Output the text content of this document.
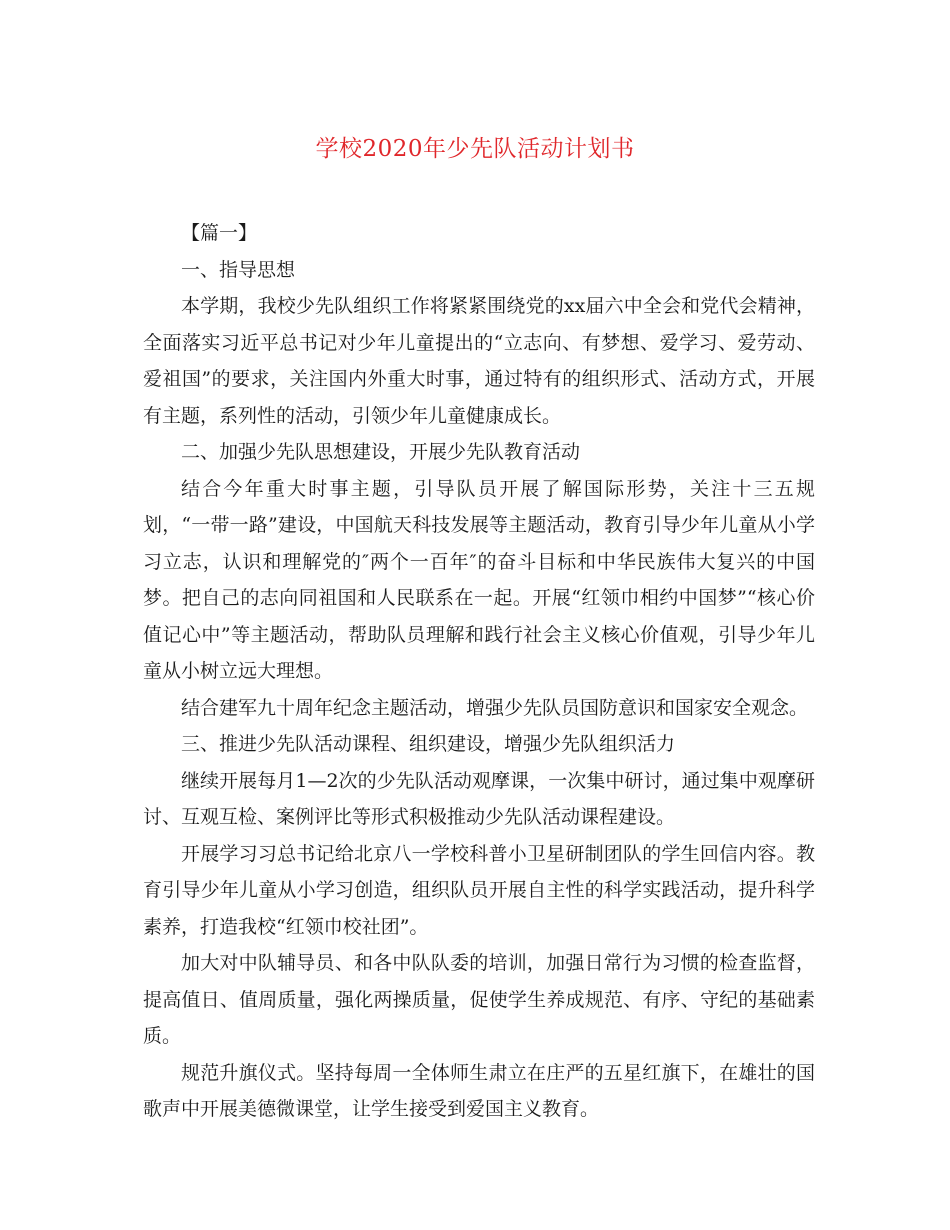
学校2020年少先队活动计划书

【篇一】

一、指导思想

本学期，我校少先队组织工作将紧紧围绕党的xx届六中全会和党代会精神，全面落实习近平总书记对少年儿童提出的“立志向、有梦想、爱学习、爱劳动、爱祖国”的要求，关注国内外重大时事，通过特有的组织形式、活动方式，开展有主题，系列性的活动，引领少年儿童健康成长。

二、加强少先队思想建设，开展少先队教育活动

结合今年重大时事主题，引导队员开展了解国际形势，关注十三五规划，“一带一路”建设，中国航天科技发展等主题活动，教育引导少年儿童从小学习立志，认识和理解党的″两个一百年″的奋斗目标和中华民族伟大复兴的中国梦。把自己的志向同祖国和人民联系在一起。开展“红领巾相约中国梦”“核心价值记心中”等主题活动，帮助队员理解和践行社会主义核心价值观，引导少年儿童从小树立远大理想。

结合建军九十周年纪念主题活动，增强少先队员国防意识和国家安全观念。

三、推进少先队活动课程、组织建设，增强少先队组织活力

继续开展每月1—2次的少先队活动观摩课，一次集中研讨，通过集中观摩研讨、互观互检、案例评比等形式积极推动少先队活动课程建设。

开展学习习总书记给北京八一学校科普小卫星研制团队的学生回信内容。教育引导少年儿童从小学习创造，组织队员开展自主性的科学实践活动，提升科学素养，打造我校“红领巾校社团”。

加大对中队辅导员、和各中队队委的培训，加强日常行为习惯的检查监督，提高值日、值周质量，强化两操质量，促使学生养成规范、有序、守纪的基础素质。

规范升旗仪式。坚持每周一全体师生肃立在庄严的五星红旗下，在雄壮的国歌声中开展美德微课堂，让学生接受到爱国主义教育。
